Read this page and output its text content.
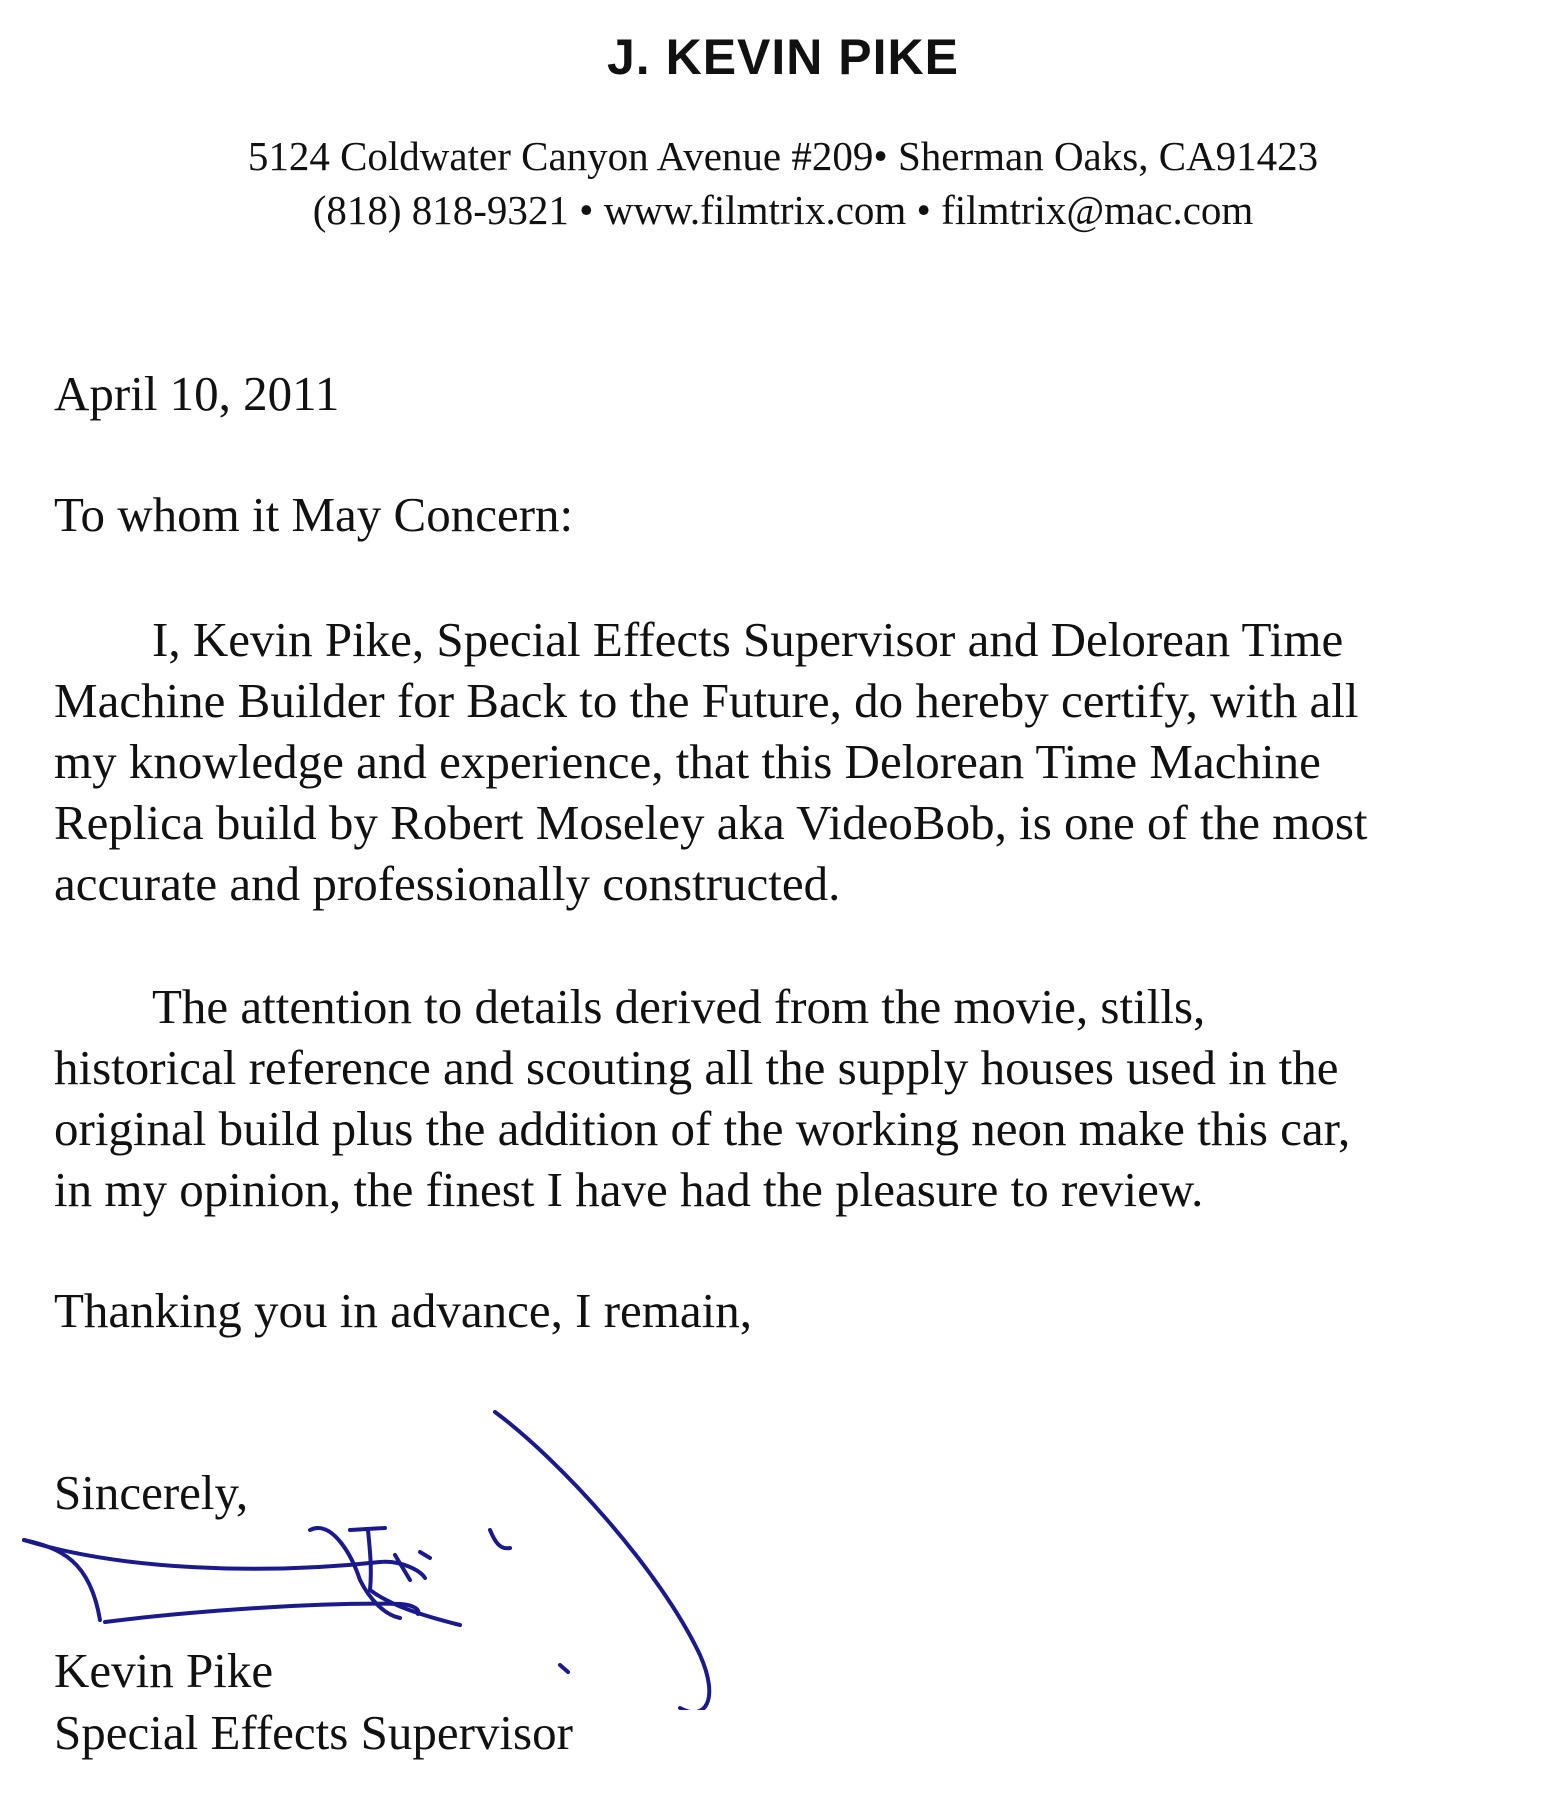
J. KEVIN PIKE
5124 Coldwater Canyon Avenue #209• Sherman Oaks, CA91423
(818) 818-9321 • www.filmtrix.com • filmtrix@mac.com
April 10, 2011
To whom it May Concern:

I, Kevin Pike, Special Effects Supervisor and Delorean Time
Machine Builder for Back to the Future, do hereby certify, with all
my knowledge and experience, that this Delorean Time Machine
Replica build by Robert Moseley aka VideoBob, is one of the most
accurate and professionally constructed.

The attention to details derived from the movie, stills,
historical reference and scouting all the supply houses used in the
original build plus the addition of the working neon make this car,
in my opinion, the finest I have had the pleasure to review.

Thanking you in advance, I remain,
Sincerely,
Kevin Pike
Special Effects Supervisor
